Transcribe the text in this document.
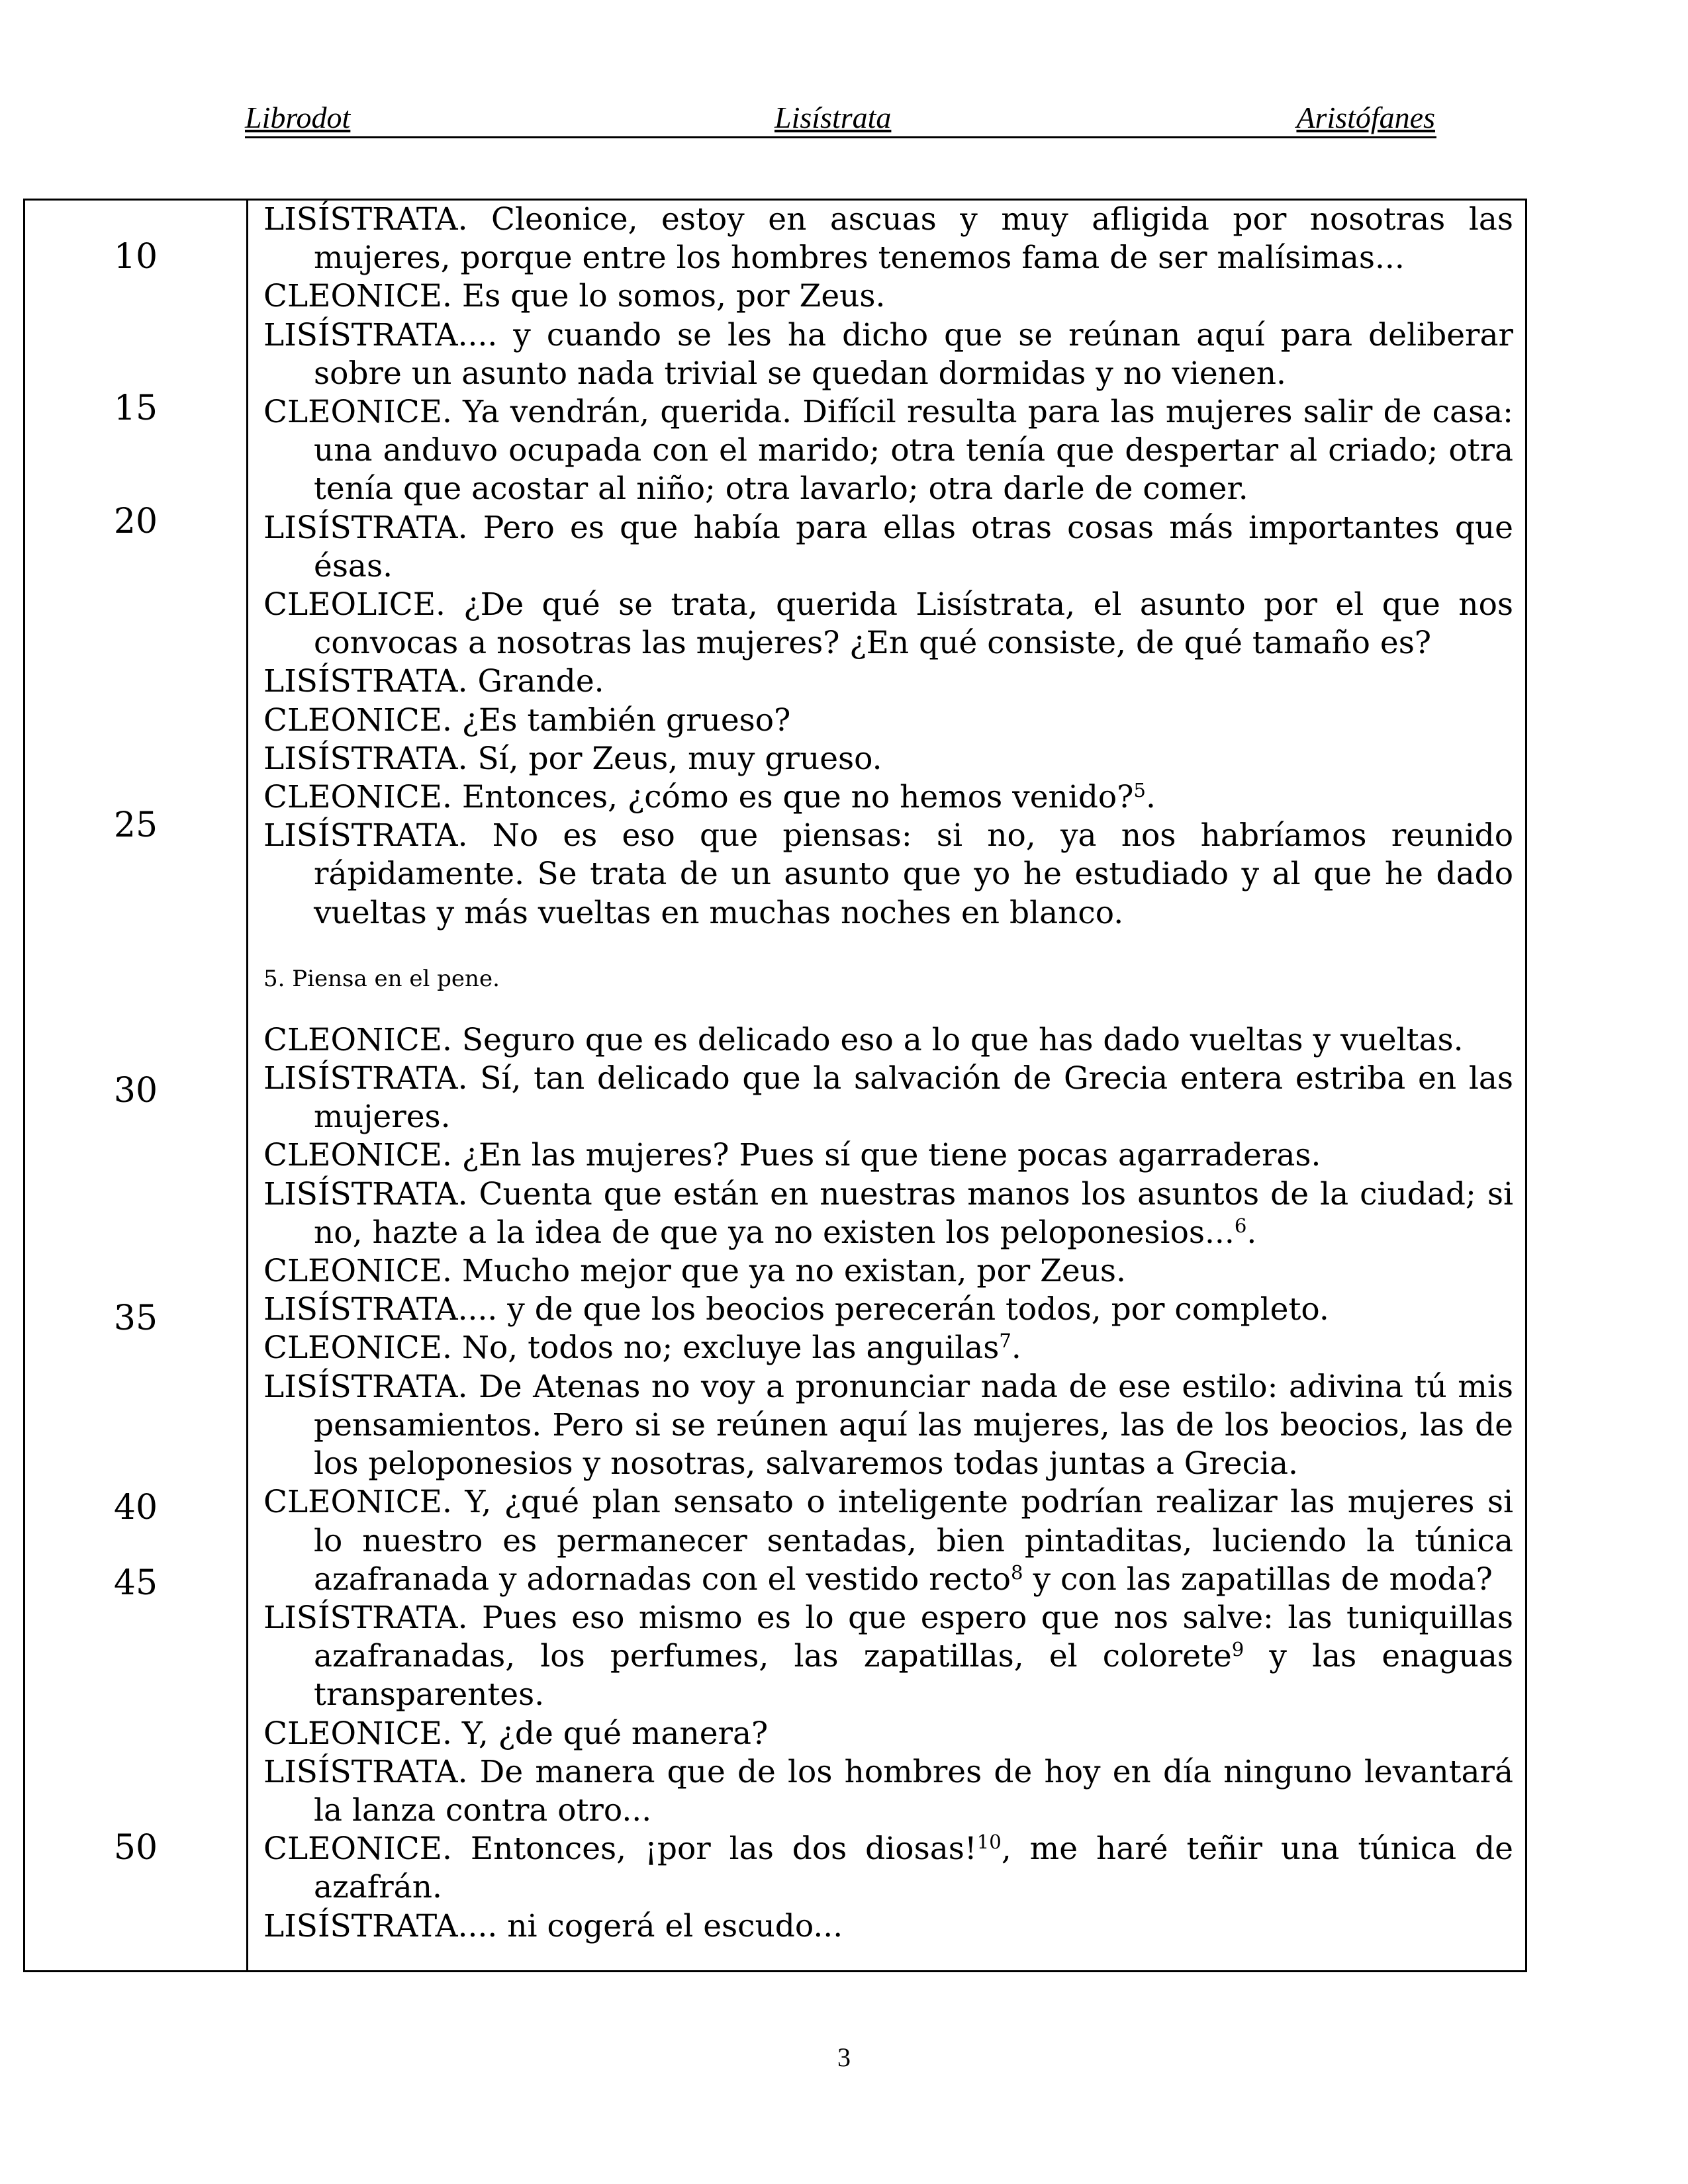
Librodot	Lisístrata	Aristófanes
10
15
20
25
30
35
40
45
50

LISÍSTRATA. Cleonice, estoy en ascuas y muy afligida por nosotras las mujeres, porque entre los hombres tenemos fama de ser malísimas...

CLEONICE. Es que lo somos, por Zeus.

LISÍSTRATA.... y cuando se les ha dicho que se reúnan aquí para deliberar sobre un asunto nada trivial se quedan dormidas y no vienen.

CLEONICE. Ya vendrán, querida. Difícil resulta para las mujeres salir de casa: una anduvo ocupada con el marido; otra tenía que despertar al criado; otra tenía que acostar al niño; otra lavarlo; otra darle de comer.

LISÍSTRATA. Pero es que había para ellas otras cosas más importantes que ésas.

CLEOLICE. ¿De qué se trata, querida Lisístrata, el asunto por el que nos convocas a nosotras las mujeres? ¿En qué consiste, de qué tamaño es?

LISÍSTRATA. Grande.

CLEONICE. ¿Es también grueso?

LISÍSTRATA. Sí, por Zeus, muy grueso.

CLEONICE. Entonces, ¿cómo es que no hemos venido?$^5$.

LISÍSTRATA. No es eso que piensas: si no, ya nos habríamos reunido rápidamente. Se trata de un asunto que yo he estudiado y al que he dado vueltas y más vueltas en muchas noches en blanco.

5. Piensa en el pene.

CLEONICE. Seguro que es delicado eso a lo que has dado vueltas y vueltas.

LISÍSTRATA. Sí, tan delicado que la salvación de Grecia entera estriba en las mujeres.

CLEONICE. ¿En las mujeres? Pues sí que tiene pocas agarraderas.

LISÍSTRATA. Cuenta que están en nuestras manos los asuntos de la ciudad; si no, hazte a la idea de que ya no existen los peloponesios...$^6$.

CLEONICE. Mucho mejor que ya no existan, por Zeus.

LISÍSTRATA.... y de que los beocios perecerán todos, por completo.

CLEONICE. No, todos no; excluye las anguilas$^7$.

LISÍSTRATA. De Atenas no voy a pronunciar nada de ese estilo: adivina tú mis pensamientos. Pero si se reúnen aquí las mujeres, las de los beocios, las de los peloponesios y nosotras, salvaremos todas juntas a Grecia.

CLEONICE. Y, ¿qué plan sensato o inteligente podrían realizar las mujeres si lo nuestro es permanecer sentadas, bien pintaditas, luciendo la túnica azafranada y adornadas con el vestido recto$^8$ y con las zapatillas de moda?

LISÍSTRATA. Pues eso mismo es lo que espero que nos salve: las tuniquillas azafranadas, los perfumes, las zapatillas, el colorete$^9$ y las enaguas transparentes.

CLEONICE. Y, ¿de qué manera?

LISÍSTRATA. De manera que de los hombres de hoy en día ninguno levantará la lanza contra otro...

CLEONICE. Entonces, ¡por las dos diosas!$^{10}$, me haré teñir una túnica de azafrán.

LISÍSTRATA.... ni cogerá el escudo...

3
